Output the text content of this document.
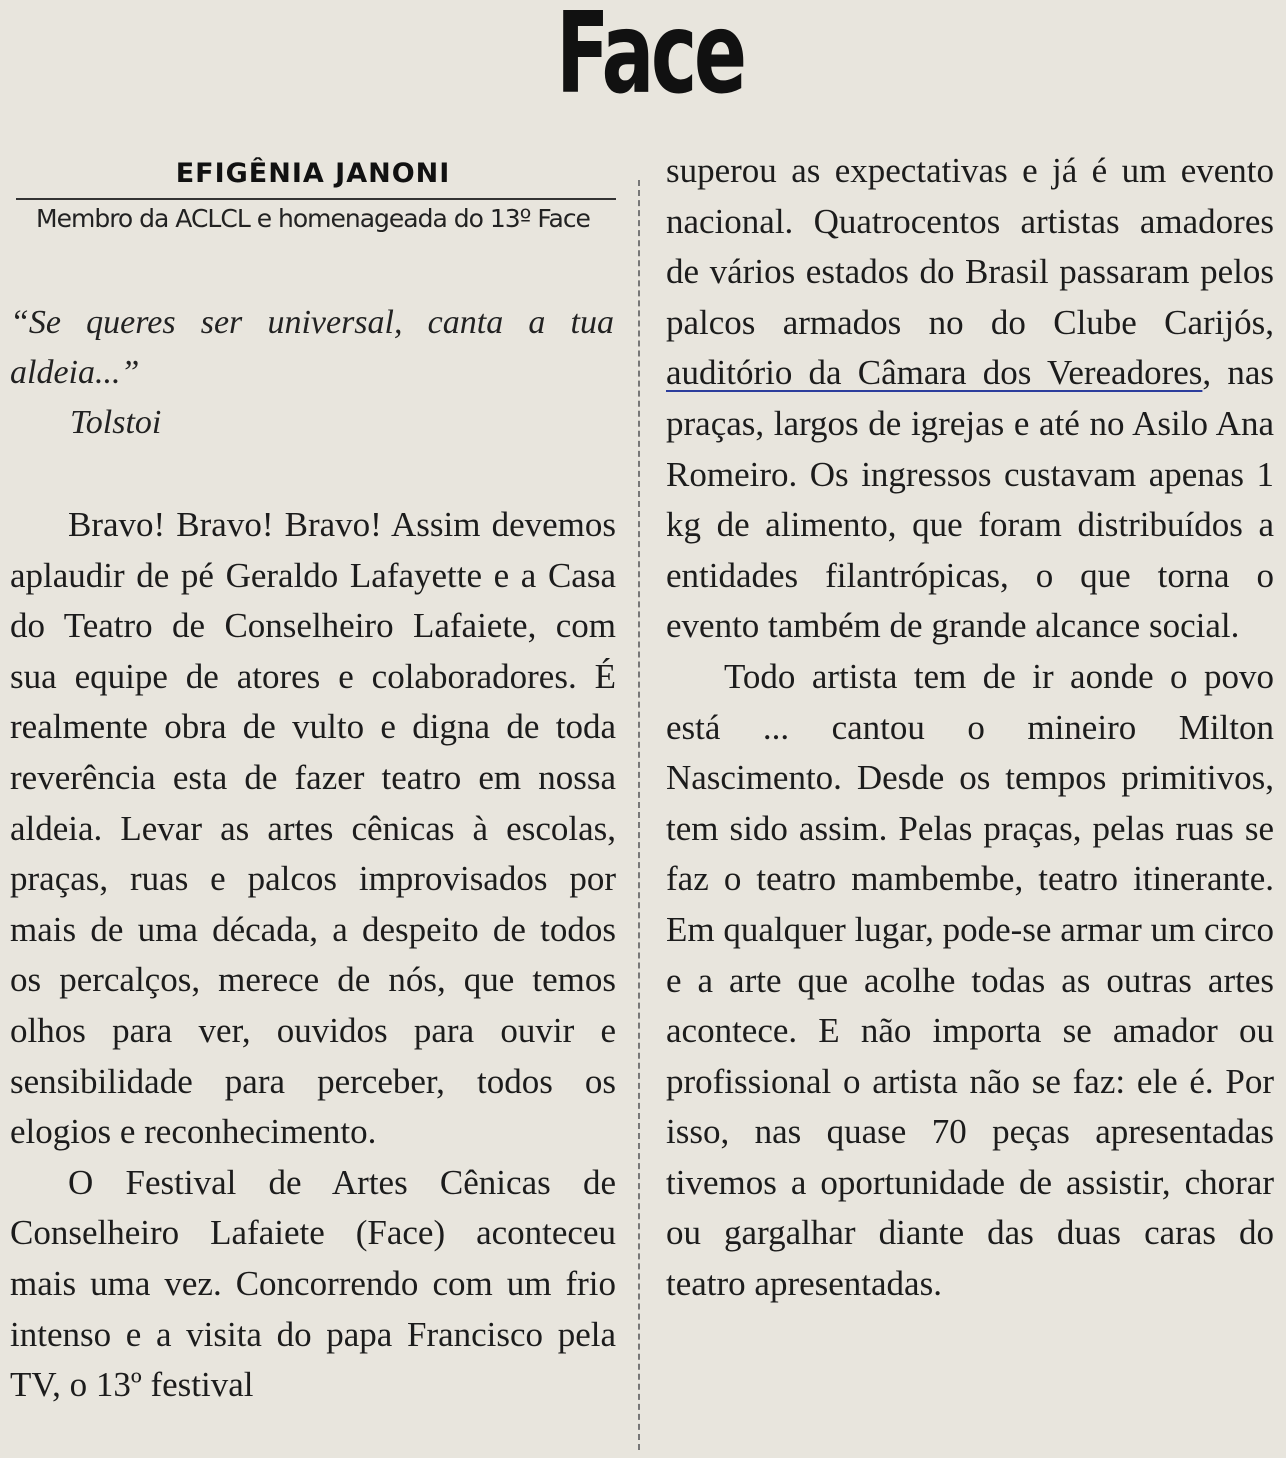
Face
EFIGÊNIA JANONI
Membro da ACLCL e homenageada do 13º Face
“Se queres ser universal, canta a tua aldeia...”
Tolstoi

Bravo! Bravo! Bravo! Assim devemos aplaudir de pé Geraldo Lafayette e a Casa do Teatro de Conselheiro Lafaiete, com sua equipe de atores e colaboradores. É realmente obra de vulto e digna de toda reverência esta de fazer teatro em nossa aldeia. Levar as artes cênicas à escolas, praças, ruas e palcos improvisados por mais de uma década, a despeito de todos os percalços, merece de nós, que temos olhos para ver, ouvidos para ouvir e sensibilidade para perceber, todos os elogios e reconhecimento.

O Festival de Artes Cênicas de Conselheiro Lafaiete (Face) aconteceu mais uma vez. Concorrendo com um frio intenso e a visita do papa Francisco pela TV, o 13º festival

superou as expectativas e já é um evento nacional. Quatrocentos artistas amadores de vários estados do Brasil passaram pelos palcos armados no do Clube Carijós, auditório da Câmara dos Vereadores, nas praças, largos de igrejas e até no Asilo Ana Romeiro. Os ingressos custavam apenas 1 kg de alimento, que foram distribuídos a entidades filantrópicas, o que torna o evento também de grande alcance social.

Todo artista tem de ir aonde o povo está ... cantou o mineiro Milton Nascimento. Desde os tempos primitivos, tem sido assim. Pelas praças, pelas ruas se faz o teatro mambembe, teatro itinerante. Em qualquer lugar, pode-se armar um circo e a arte que acolhe todas as outras artes acontece. E não importa se amador ou profissional o artista não se faz: ele é. Por isso, nas quase 70 peças apresentadas tivemos a oportunidade de assistir, chorar ou gargalhar diante das duas caras do teatro apresentadas.
